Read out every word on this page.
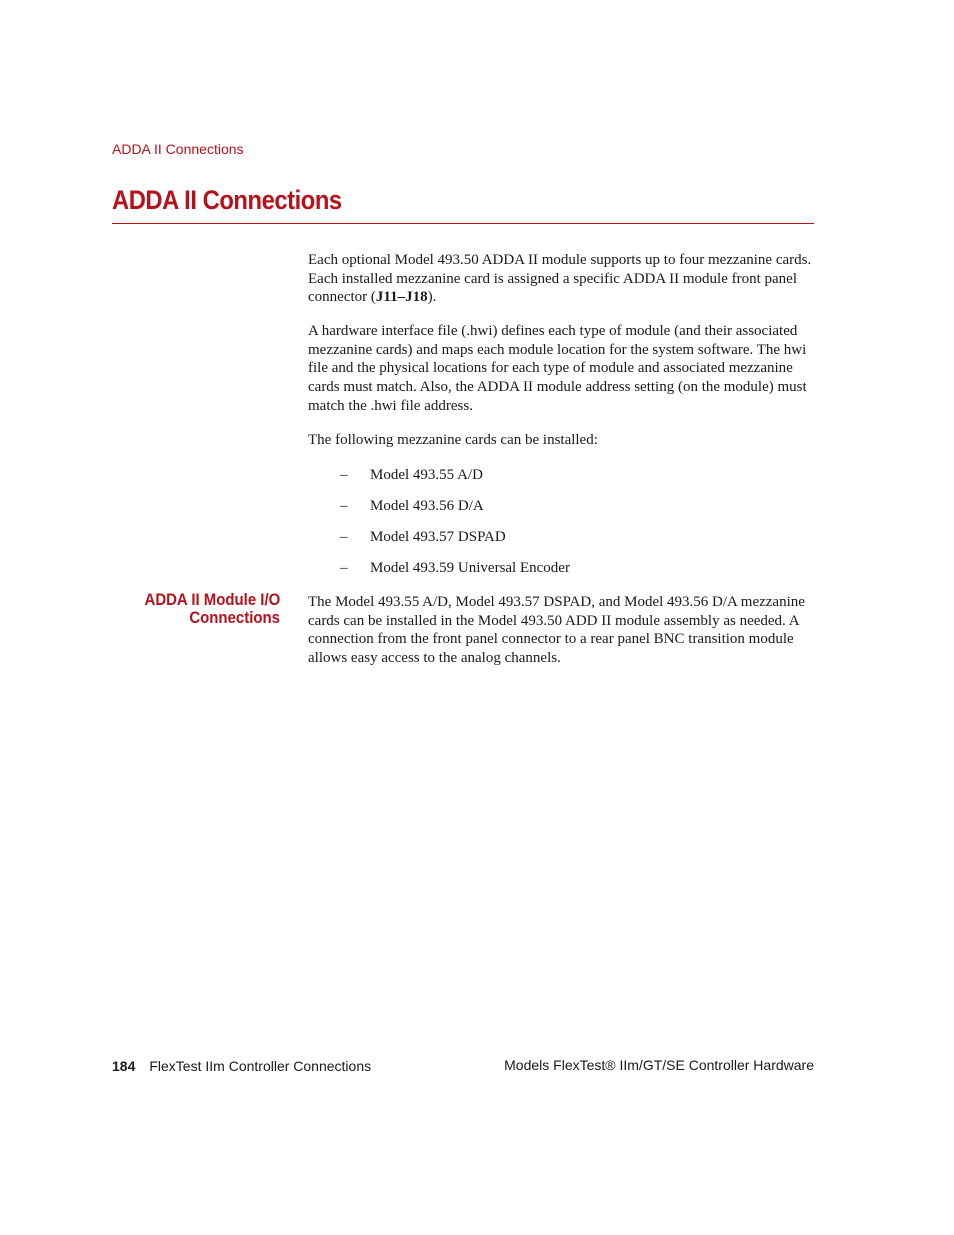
ADDA II Connections
ADDA II Connections

Each optional Model 493.50 ADDA II module supports up to four mezzanine cards. Each installed mezzanine card is assigned a specific ADDA II module front panel connector (J11–J18).

A hardware interface file (.hwi) defines each type of module (and their associated mezzanine cards) and maps each module location for the system software. The hwi file and the physical locations for each type of module and associated mezzanine cards must match. Also, the ADDA II module address setting (on the module) must match the .hwi file address.

The following mezzanine cards can be installed:

– Model 493.55 A/D
– Model 493.56 D/A
– Model 493.57 DSPAD
– Model 493.59 Universal Encoder
ADDA II Module I/O
Connections

The Model 493.55 A/D, Model 493.57 DSPAD, and Model 493.56 D/A mezzanine cards can be installed in the Model 493.50 ADD II module assembly as needed. A connection from the front panel connector to a rear panel BNC transition module allows easy access to the analog channels.

184 FlexTest IIm Controller Connections	Models FlexTest® IIm/GT/SE Controller Hardware
